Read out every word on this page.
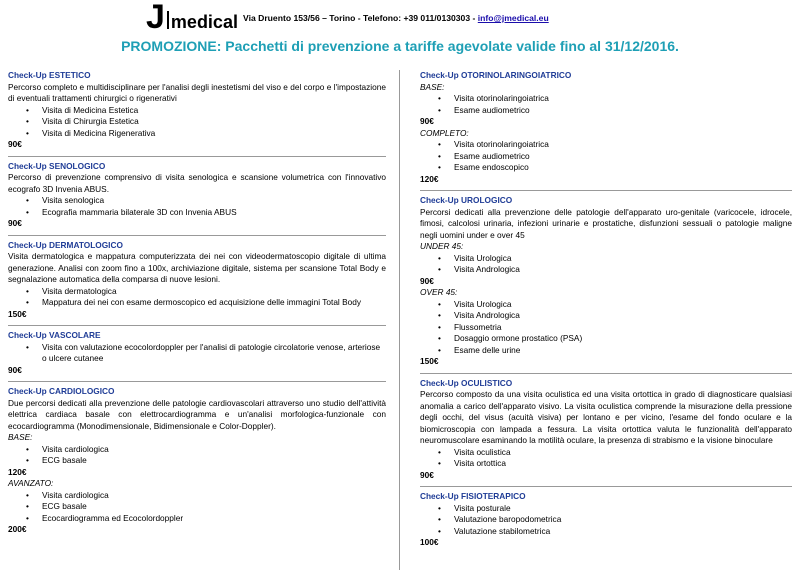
J medical Via Druento 153/56 – Torino - Telefono: +39 011/0130303 - info@jmedical.eu
PROMOZIONE: Pacchetti di prevenzione a tariffe agevolate valide fino al 31/12/2016.
Check-Up ESTETICO
Percorso completo e multidisciplinare per l'analisi degli inestetismi del viso e del corpo e l'impostazione di eventuali trattamenti chirurgici o rigenerativi
• Visita di Medicina Estetica
• Visita di Chirurgia Estetica
• Visita di Medicina Rigenerativa
90€
Check-Up SENOLOGICO
Percorso di prevenzione comprensivo di visita senologica e scansione volumetrica con l'innovativo ecografo 3D Invenia ABUS.
• Visita senologica
• Ecografia mammaria bilaterale 3D con Invenia ABUS
90€
Check-Up DERMATOLOGICO
Visita dermatologica e mappatura computerizzata dei nei con videodermatoscopio digitale di ultima generazione. Analisi con zoom fino a 100x, archiviazione digitale, sistema per scansione Total Body e segnalazione automatica della comparsa di nuove lesioni.
• Visita dermatologica
• Mappatura dei nei con esame dermoscopico ed acquisizione delle immagini Total Body
150€
Check-Up VASCOLARE
• Visita con valutazione ecocolordoppler per l'analisi di patologie circolatorie venose, arteriose o ulcere cutanee
90€
Check-Up CARDIOLOGICO
Due percorsi dedicati alla prevenzione delle patologie cardiovascolari attraverso uno studio dell'attività elettrica cardiaca basale con elettrocardiogramma e un'analisi morfologica-funzionale con ecocardiogramma (Monodimensionale, Bidimensionale e Color-Doppler).
BASE:
• Visita cardiologica
• ECG basale
120€
AVANZATO:
• Visita cardiologica
• ECG basale
• Ecocardiogramma ed Ecocolordoppler
200€
Check-Up OTORINOLARINGOIATRICO
BASE:
• Visita otorinolaringoiatrica
• Esame audiometrico
90€
COMPLETO:
• Visita otorinolaringoiatrica
• Esame audiometrico
• Esame endoscopico
120€
Check-Up UROLOGICO
Percorsi dedicati alla prevenzione delle patologie dell'apparato uro-genitale (varicocele, idrocele, fimosi, calcolosi urinaria, infezioni urinarie e prostatiche, disfunzioni sessuali o patologie maligne negli uomini under e over 45
UNDER 45:
• Visita Urologica
• Visita Andrologica
90€
OVER 45:
• Visita Urologica
• Visita Andrologica
• Flussometria
• Dosaggio ormone prostatico (PSA)
• Esame delle urine
150€
Check-Up OCULISTICO
Percorso composto da una visita oculistica ed una visita ortottica in grado di diagnosticare qualsiasi anomalia a carico dell'apparato visivo. La visita oculistica comprende la misurazione della pressione degli occhi, del visus (acuità visiva) per lontano e per vicino, l'esame del fondo oculare e la biomicroscopia con lampada a fessura. La visita ortottica valuta le funzionalità dell'apparato neuromuscolare esaminando la motilità oculare, la presenza di strabismo e la visione binoculare
• Visita oculistica
• Visita ortottica
90€
Check-Up FISIOTERAPICO
• Visita posturale
• Valutazione baropodometrica
• Valutazione stabilometrica
100€
